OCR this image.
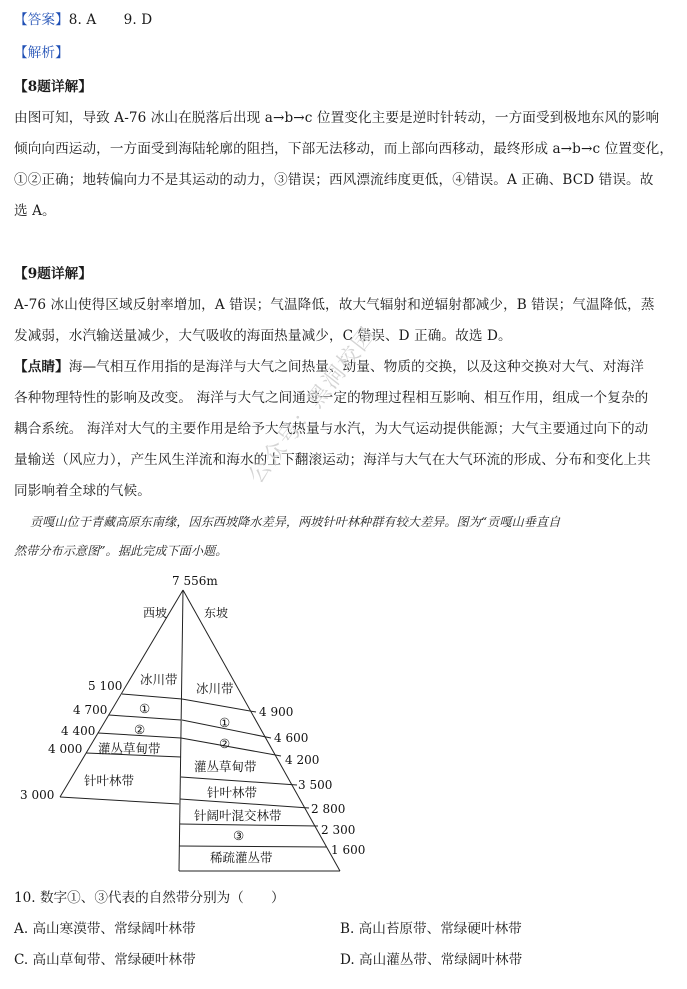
【答案】8. A　　9. D
【解析】
【8题详解】
由图可知，导致 A-76 冰山在脱落后出现 a→b→c 位置变化主要是逆时针转动，一方面受到极地东风的影响
倾向向西运动，一方面受到海陆轮廓的阻挡，下部无法移动，而上部向西移动，最终形成 a→b→c 位置变化，
①②正确；地转偏向力不是其运动的动力，③错误；西风漂流纬度更低，④错误。A 正确、BCD 错误。故
选 A。
【9题详解】
A-76 冰山使得区域反射率增加，A 错误；气温降低，故大气辐射和逆辐射都减少，B 错误；气温降低，蒸
发减弱，水汽输送量减少，大气吸收的海面热量减少，C 错误、D 正确。故选 D。
【点睛】海—气相互作用指的是海洋与大气之间热量、动量、物质的交换，以及这种交换对大气、对海洋
各种物理特性的影响及改变。 海洋与大气之间通过一定的物理过程相互影响、相互作用，组成一个复杂的
耦合系统。 海洋对大气的主要作用是给予大气热量与水汽，为大气运动提供能源；大气主要通过向下的动
量输送（风应力），产生风生洋流和海水的上下翻滚运动；海洋与大气在大气环流的形成、分布和变化上共
同影响着全球的气候。
贡嘎山位于青藏高原东南缘，因东西坡降水差异，两坡针叶林种群有较大差异。图为“贡嘎山垂直自
然带分布示意图”。据此完成下面小题。
公众号：黑洞校园
7 556m
西坡	东坡
5 100
4 700
4 400
4 000
3 000
4 900
4 600
4 200
3 500
2 800
2 300
1 600
冰川带
①
②
灌丛草甸带
针叶林带
冰川带
①
②
灌丛草甸带
针叶林带
针阔叶混交林带
③
稀疏灌丛带
10. 数字①、③代表的自然带分别为（　　）
A. 高山寒漠带、常绿阔叶林带	B. 高山苔原带、常绿硬叶林带
C. 高山草甸带、常绿硬叶林带	D. 高山灌丛带、常绿阔叶林带
